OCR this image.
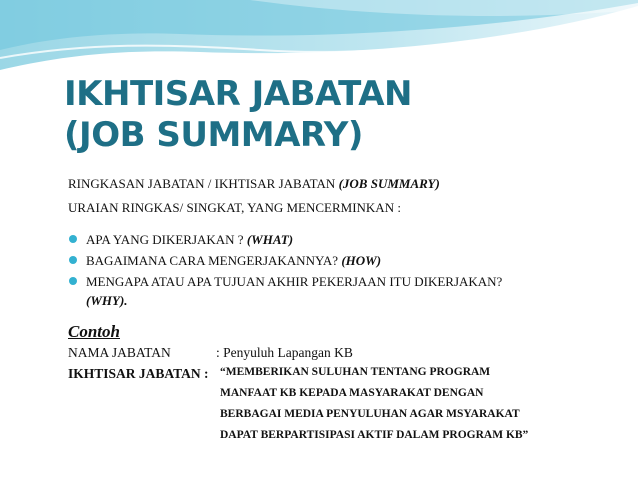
IKHTISAR JABATAN
(JOB SUMMARY)
RINGKASAN JABATAN / IKHTISAR JABATAN (JOB SUMMARY)
URAIAN RINGKAS/ SINGKAT, YANG MENCERMINKAN :
APA YANG DIKERJAKAN ? (WHAT)
BAGAIMANA CARA MENGERJAKANNYA? (HOW)
MENGAPA ATAU APA TUJUAN AKHIR PEKERJAAN ITU DIKERJAKAN?
(WHY).
Contoh
NAMA JABATAN	: Penyuluh Lapangan KB
IKHTISAR JABATAN : “MEMBERIKAN SULUHAN TENTANG PROGRAM
MANFAAT KB KEPADA MASYARAKAT DENGAN
BERBAGAI MEDIA PENYULUHAN AGAR MSYARAKAT
DAPAT BERPARTISIPASI AKTIF DALAM PROGRAM KB”
